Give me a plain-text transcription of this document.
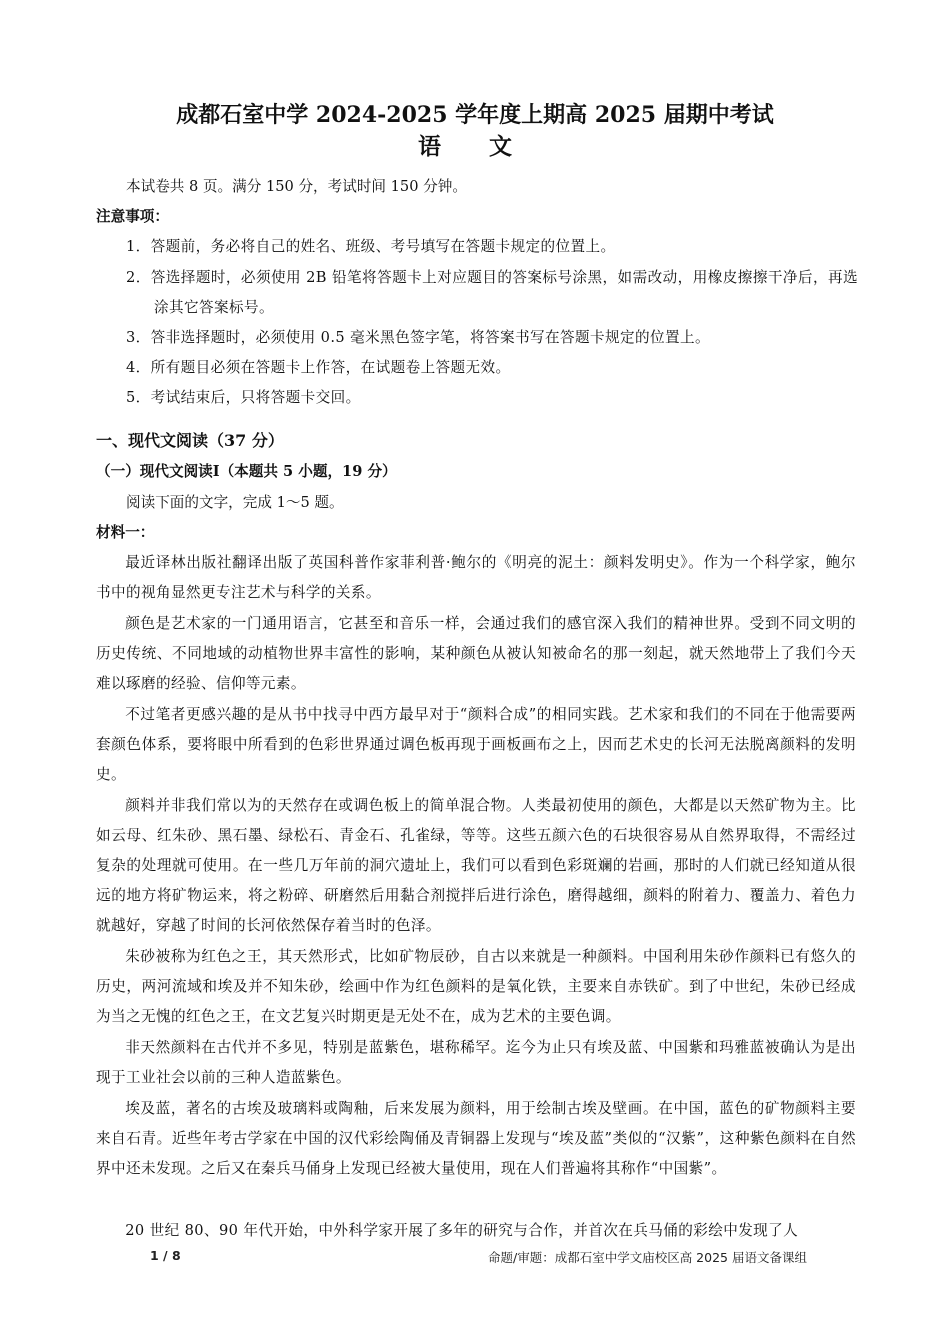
成都石室中学 2024-2025 学年度上期高 2025 届期中考试
语 文
本试卷共 8 页。满分 150 分，考试时间 150 分钟。
注意事项：
1．答题前，务必将自己的姓名、班级、考号填写在答题卡规定的位置上。
2．答选择题时，必须使用 2B 铅笔将答题卡上对应题目的答案标号涂黑，如需改动，用橡皮擦擦干净后，再选涂其它答案标号。
3．答非选择题时，必须使用 0.5 毫米黑色签字笔，将答案书写在答题卡规定的位置上。
4．所有题目必须在答题卡上作答，在试题卷上答题无效。
5．考试结束后，只将答题卡交回。
一、现代文阅读（37 分）
（一）现代文阅读Ⅰ（本题共 5 小题，19 分）
阅读下面的文字，完成 1～5 题。
材料一：
最近译林出版社翻译出版了英国科普作家菲利普·鲍尔的《明亮的泥土：颜料发明史》。作为一个科学家，鲍尔书中的视角显然更专注艺术与科学的关系。
颜色是艺术家的一门通用语言，它甚至和音乐一样，会通过我们的感官深入我们的精神世界。受到不同文明的历史传统、不同地域的动植物世界丰富性的影响，某种颜色从被认知被命名的那一刻起，就天然地带上了我们今天难以琢磨的经验、信仰等元素。
不过笔者更感兴趣的是从书中找寻中西方最早对于“颜料合成”的相同实践。艺术家和我们的不同在于他需要两套颜色体系，要将眼中所看到的色彩世界通过调色板再现于画板画布之上，因而艺术史的长河无法脱离颜料的发明史。
颜料并非我们常以为的天然存在或调色板上的简单混合物。人类最初使用的颜色，大都是以天然矿物为主。比如云母、红朱砂、黑石墨、绿松石、青金石、孔雀绿，等等。这些五颜六色的石块很容易从自然界取得，不需经过复杂的处理就可使用。在一些几万年前的洞穴遗址上，我们可以看到色彩斑斓的岩画，那时的人们就已经知道从很远的地方将矿物运来，将之粉碎、研磨然后用黏合剂搅拌后进行涂色，磨得越细，颜料的附着力、覆盖力、着色力就越好，穿越了时间的长河依然保存着当时的色泽。
朱砂被称为红色之王，其天然形式，比如矿物辰砂，自古以来就是一种颜料。中国利用朱砂作颜料已有悠久的历史，两河流域和埃及并不知朱砂，绘画中作为红色颜料的是氧化铁，主要来自赤铁矿。到了中世纪，朱砂已经成为当之无愧的红色之王，在文艺复兴时期更是无处不在，成为艺术的主要色调。
非天然颜料在古代并不多见，特别是蓝紫色，堪称稀罕。迄今为止只有埃及蓝、中国紫和玛雅蓝被确认为是出现于工业社会以前的三种人造蓝紫色。
埃及蓝，著名的古埃及玻璃料或陶釉，后来发展为颜料，用于绘制古埃及壁画。在中国，蓝色的矿物颜料主要来自石青。近些年考古学家在中国的汉代彩绘陶俑及青铜器上发现与“埃及蓝”类似的“汉紫”，这种紫色颜料在自然界中还未发现。之后又在秦兵马俑身上发现已经被大量使用，现在人们普遍将其称作“中国紫”。
20 世纪 80、90 年代开始，中外科学家开展了多年的研究与合作，并首次在兵马俑的彩绘中发现了人
1 / 8	命题/审题：成都石室中学文庙校区高 2025 届语文备课组
